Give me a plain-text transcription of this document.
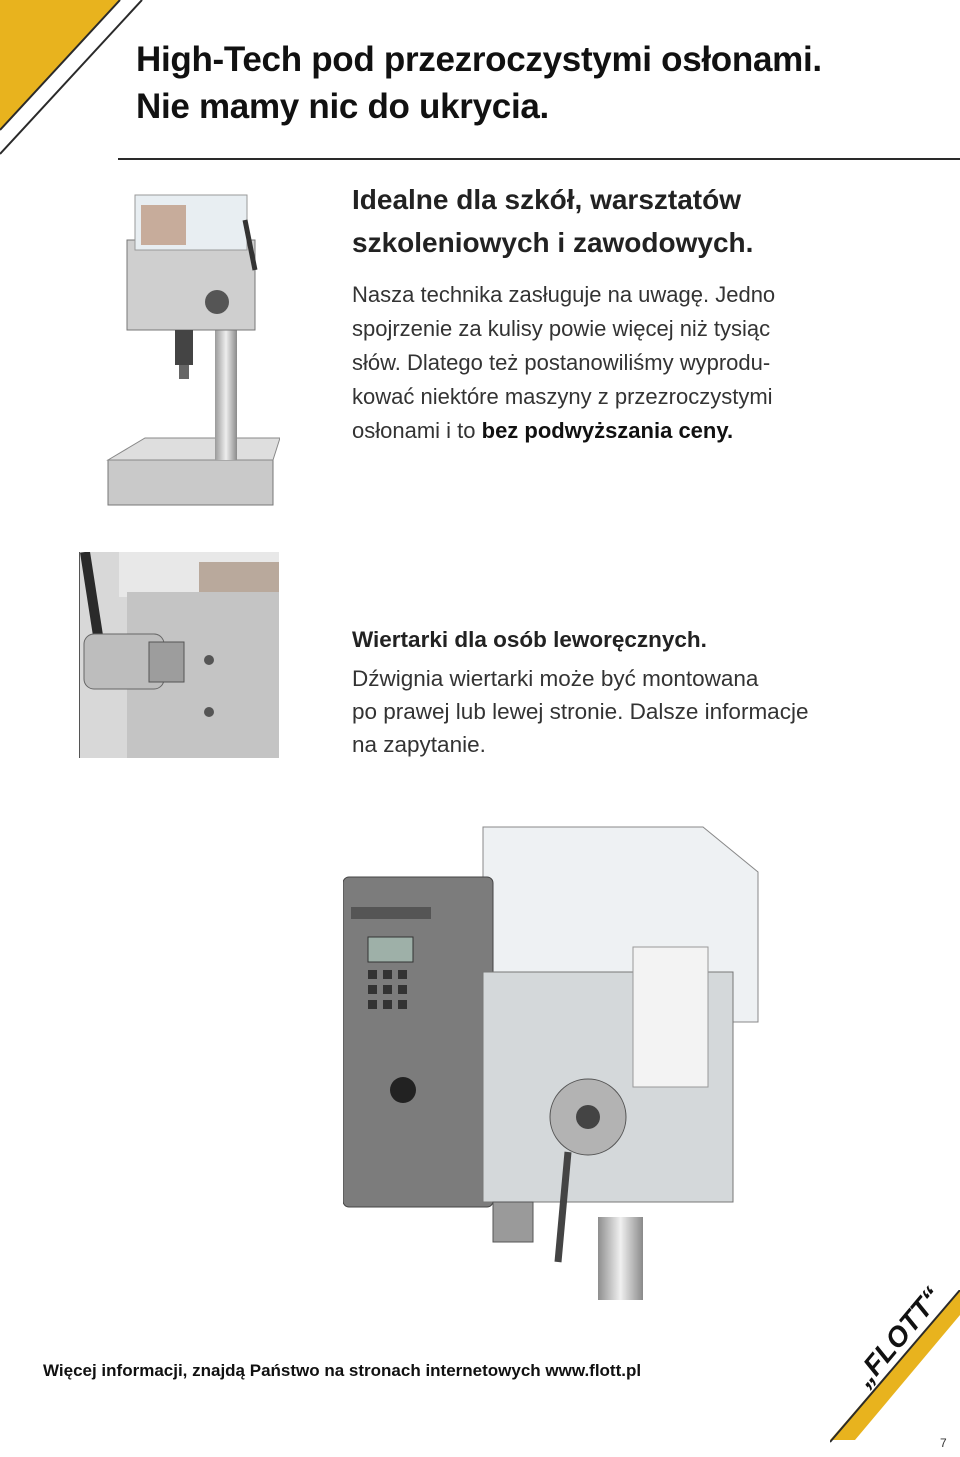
High-Tech pod przezroczystymi osłonami.
Nie mamy nic do ukrycia.
Idealne dla szkół, warsztatów
szkoleniowych i zawodowych.
Nasza technika zasługuje na uwagę. Jedno
spojrzenie za kulisy powie więcej niż tysiąc
słów. Dlatego też postanowiliśmy wyprodu-
kować niektóre maszyny z przezroczystymi
osłonami i to bez podwyższania ceny.
Wiertarki dla osób leworęcznych.
Dźwignia wiertarki może być montowana
po prawej lub lewej stronie. Dalsze informacje
na zapytanie.
Więcej informacji, znajdą Państwo na stronach internetowych www.flott.pl	„FLOTT“
7
